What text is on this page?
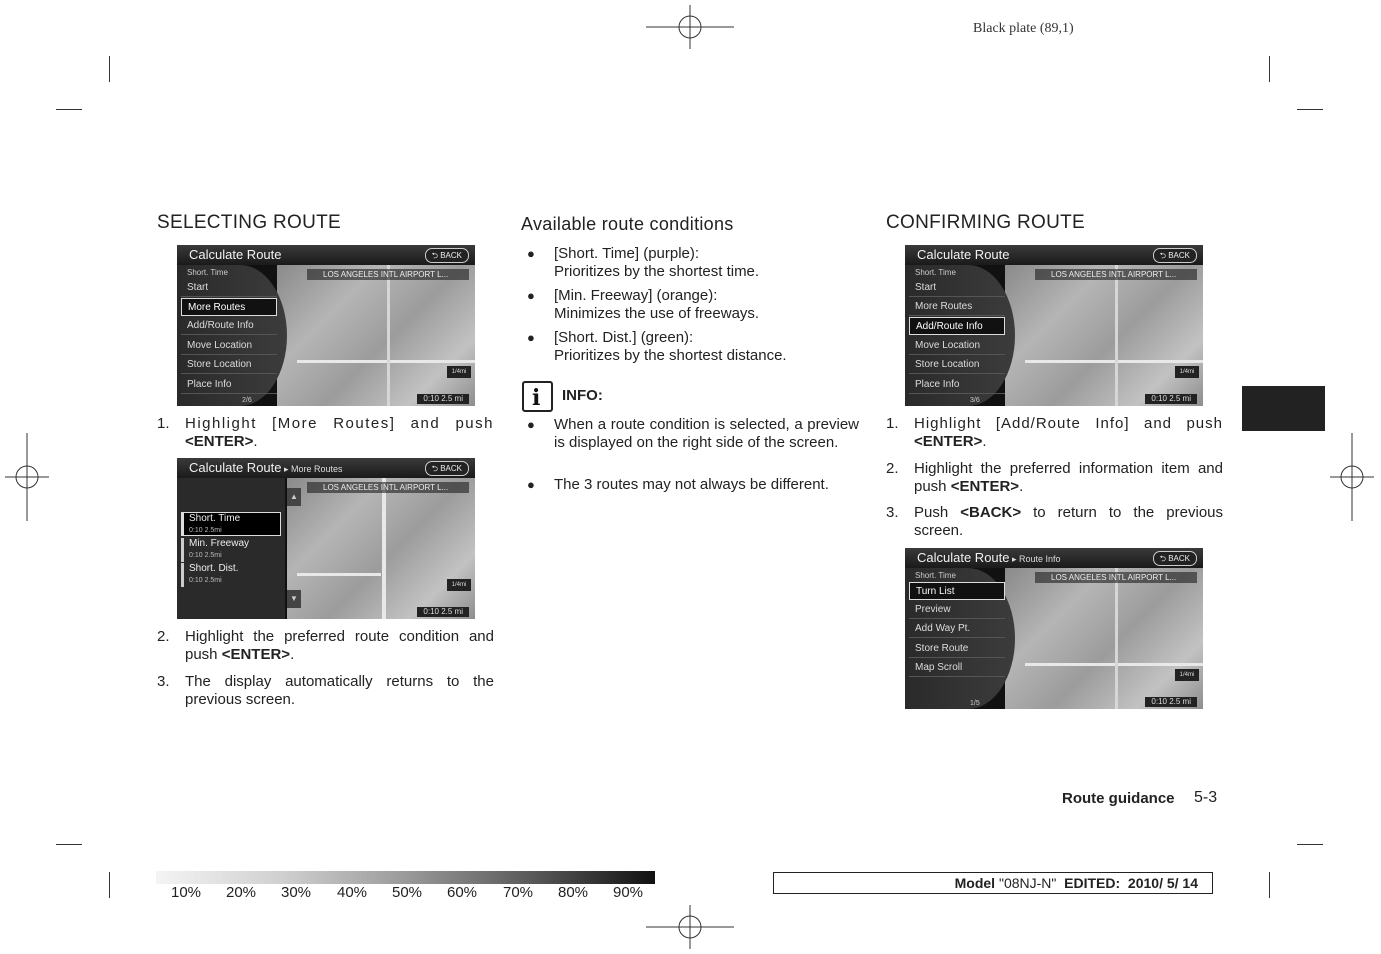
Black plate (89,1)
SELECTING ROUTE
Calculate Route	⮌ BACK
LOS ANGELES INTL AIRPORT L...
Short. Time
Start
More Routes
Add/Route Info
Move Location
Store Location
Place Info
2/6
1/4mi
0:10 2.5 mi
1. Highlight [More Routes] and push <ENTER>.
Calculate Route ▸ More Routes	⮌ BACK
LOS ANGELES INTL AIRPORT L...
Short. Time
0:10 2.5mi
Min. Freeway
0:10 2.5mi
Short. Dist.
0:10 2.5mi
▲
▼
1/4mi
0:10 2.5 mi
2. Highlight the preferred route condition and push <ENTER>.
3. The display automatically returns to the previous screen.
Available route conditions
● [Short. Time] (purple):
Prioritizes by the shortest time.
● [Min. Freeway] (orange):
Minimizes the use of freeways.
● [Short. Dist.] (green):
Prioritizes by the shortest distance.
i INFO:
● When a route condition is selected, a preview is displayed on the right side of the screen.
● The 3 routes may not always be different.
CONFIRMING ROUTE
Calculate Route	⮌ BACK
LOS ANGELES INTL AIRPORT L...
Short. Time
Start
More Routes
Add/Route Info
Move Location
Store Location
Place Info
3/6
1/4mi
0:10 2.5 mi
1. Highlight [Add/Route Info] and push <ENTER>.
2. Highlight the preferred information item and push <ENTER>.
3. Push <BACK> to return to the previous screen.
Calculate Route ▸ Route Info	⮌ BACK
LOS ANGELES INTL AIRPORT L...
Short. Time
Turn List
Preview
Add Way Pt.
Store Route
Map Scroll
1/5
1/4mi
0:10 2.5 mi
Route guidance 5-3
10% 20% 30% 40% 50% 60% 70% 80% 90%
Model "08NJ-N"  EDITED:  2010/ 5/ 14
